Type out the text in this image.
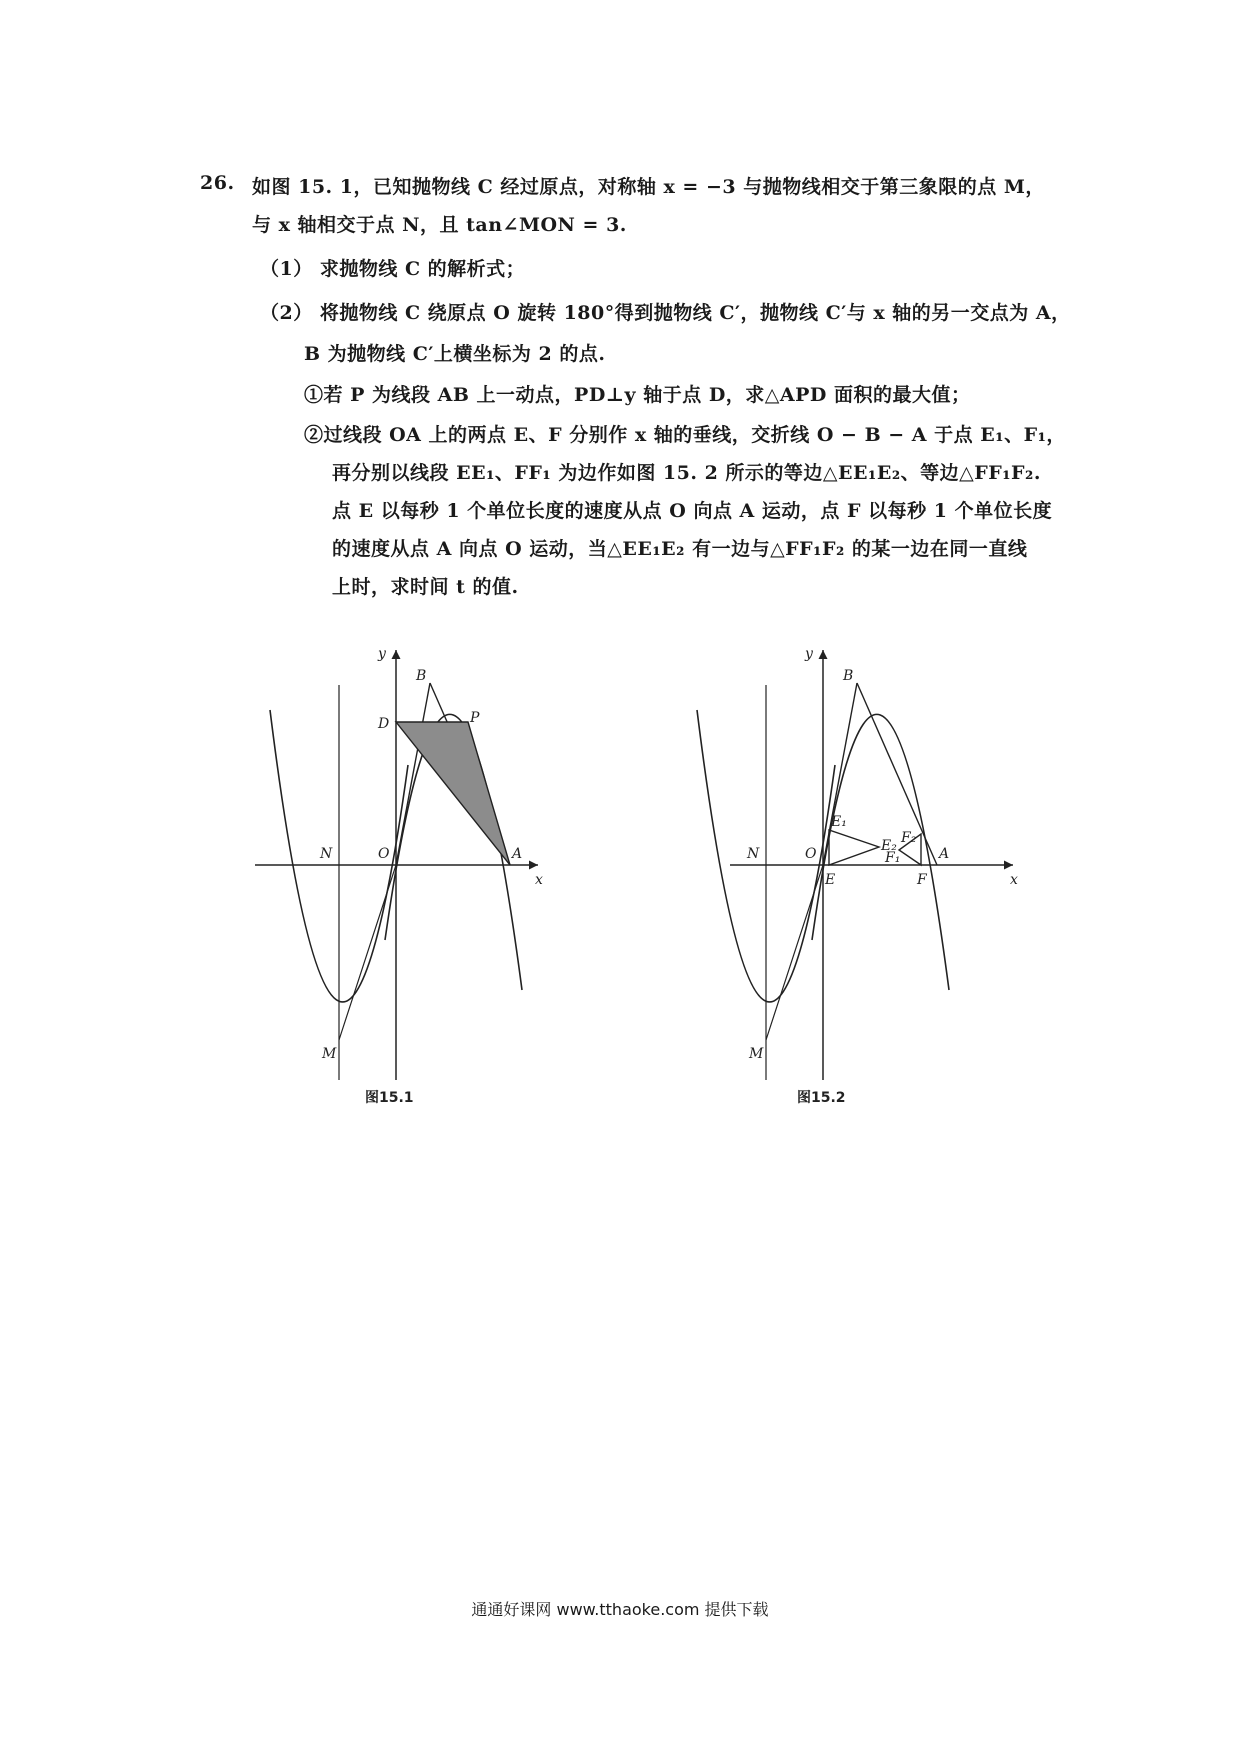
26. 如图 15. 1，已知抛物线 C 经过原点，对称轴 x = −3 与抛物线相交于第三象限的点 M，
与 x 轴相交于点 N，且 tan∠MON = 3.
（1） 求抛物线 C 的解析式；
（2） 将抛物线 C 绕原点 O 旋转 180°得到抛物线 C′，抛物线 C′与 x 轴的另一交点为 A，
B 为抛物线 C′上横坐标为 2 的点.
①若 P 为线段 AB 上一动点，PD⊥y 轴于点 D，求△APD 面积的最大值；
②过线段 OA 上的两点 E、F 分别作 x 轴的垂线，交折线 O − B − A 于点 E₁、F₁，
再分别以线段 EE₁、FF₁ 为边作如图 15. 2 所示的等边△EE₁E₂、等边△FF₁F₂.
点 E 以每秒 1 个单位长度的速度从点 O 向点 A 运动，点 F 以每秒 1 个单位长度
的速度从点 A 向点 O 运动，当△EE₁E₂ 有一边与△FF₁F₂ 的某一边在同一直线
上时，求时间 t 的值.
y
x
B
D	P
N	O	A
M
图15.1
y
x
B
E₁
E₂ F₂
F₁
N	O
E	F
A
M
图15.2
通通好课网 www.tthaoke.com 提供下载
